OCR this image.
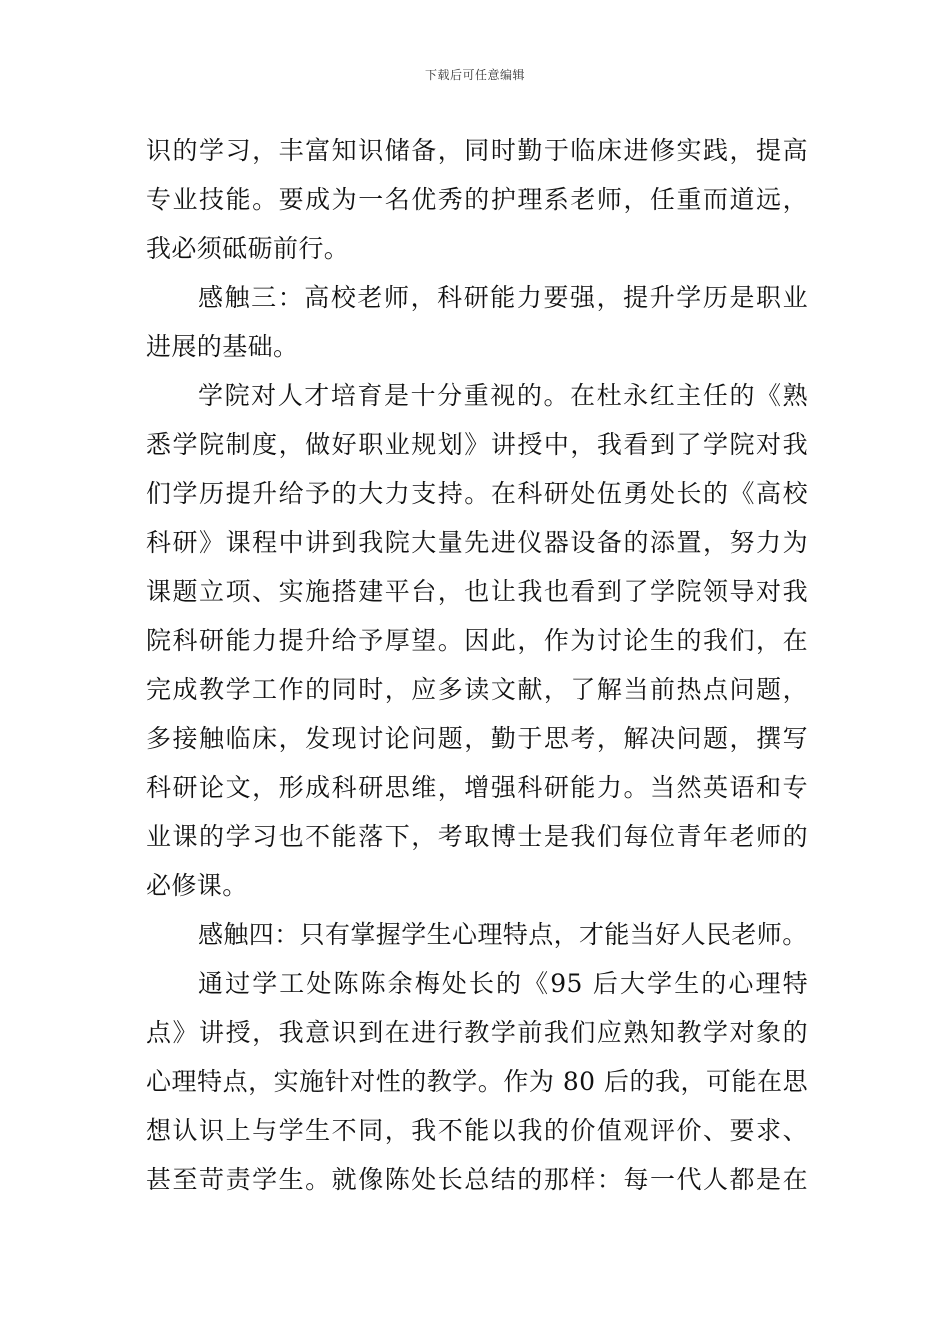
下载后可任意编辑
识的学习，丰富知识储备，同时勤于临床进修实践，提高
专业技能。要成为一名优秀的护理系老师，任重而道远，
我必须砥砺前行。
感触三：高校老师，科研能力要强，提升学历是职业
进展的基础。
学院对人才培育是十分重视的。在杜永红主任的《熟
悉学院制度，做好职业规划》讲授中，我看到了学院对我
们学历提升给予的大力支持。在科研处伍勇处长的《高校
科研》课程中讲到我院大量先进仪器设备的添置，努力为
课题立项、实施搭建平台，也让我也看到了学院领导对我
院科研能力提升给予厚望。因此，作为讨论生的我们，在
完成教学工作的同时，应多读文献，了解当前热点问题，
多接触临床，发现讨论问题，勤于思考，解决问题，撰写
科研论文，形成科研思维，增强科研能力。当然英语和专
业课的学习也不能落下，考取博士是我们每位青年老师的
必修课。
感触四：只有掌握学生心理特点，才能当好人民老师。
通过学工处陈陈余梅处长的《95 后大学生的心理特
点》讲授，我意识到在进行教学前我们应熟知教学对象的
心理特点，实施针对性的教学。作为 80 后的我，可能在思
想认识上与学生不同，我不能以我的价值观评价、要求、
甚至苛责学生。就像陈处长总结的那样：每一代人都是在
